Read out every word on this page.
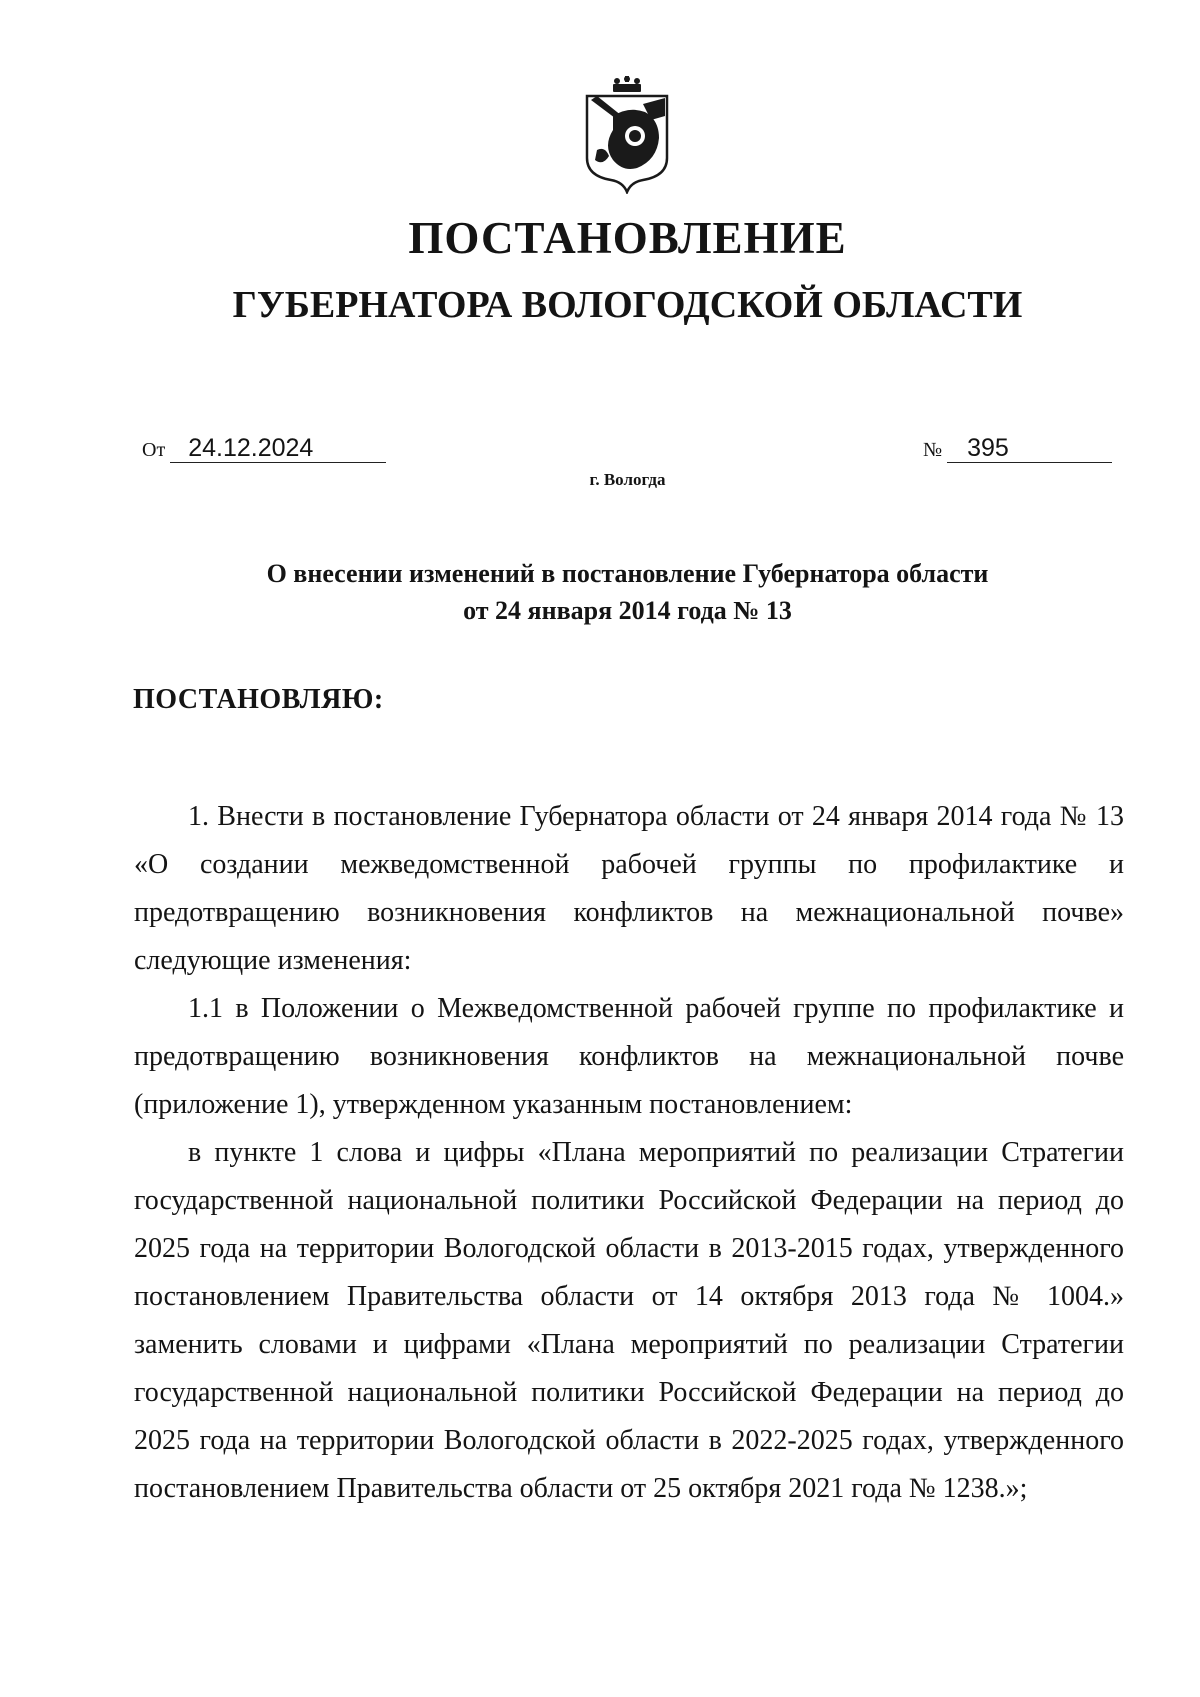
ПОСТАНОВЛЕНИЕ
ГУБЕРНАТОРА ВОЛОГОДСКОЙ ОБЛАСТИ
От 24.12.2024	№ 395
г. Вологда
О внесении изменений в постановление Губернатора области
от 24 января 2014 года № 13
ПОСТАНОВЛЯЮ:

1. Внести в постановление Губернатора области от 24 января 2014 года № 13 «О создании межведомственной рабочей группы по профилактике и предотвращению возникновения конфликтов на межнациональной почве» следующие изменения:

1.1 в Положении о Межведомственной рабочей группе по профилактике и предотвращению возникновения конфликтов на межнациональной почве (приложение 1), утвержденном указанным постановлением:

в пункте 1 слова и цифры «Плана мероприятий по реализации Стратегии государственной национальной политики Российской Федерации на период до 2025 года на территории Вологодской области в 2013-2015 годах, утвержденного постановлением Правительства области от 14 октября 2013 года № 1004.» заменить словами и цифрами «Плана мероприятий по реализации Стратегии государственной национальной политики Российской Федерации на период до 2025 года на территории Вологодской области в 2022-2025 годах, утвержденного постановлением Правительства области от 25 октября 2021 года № 1238.»;
